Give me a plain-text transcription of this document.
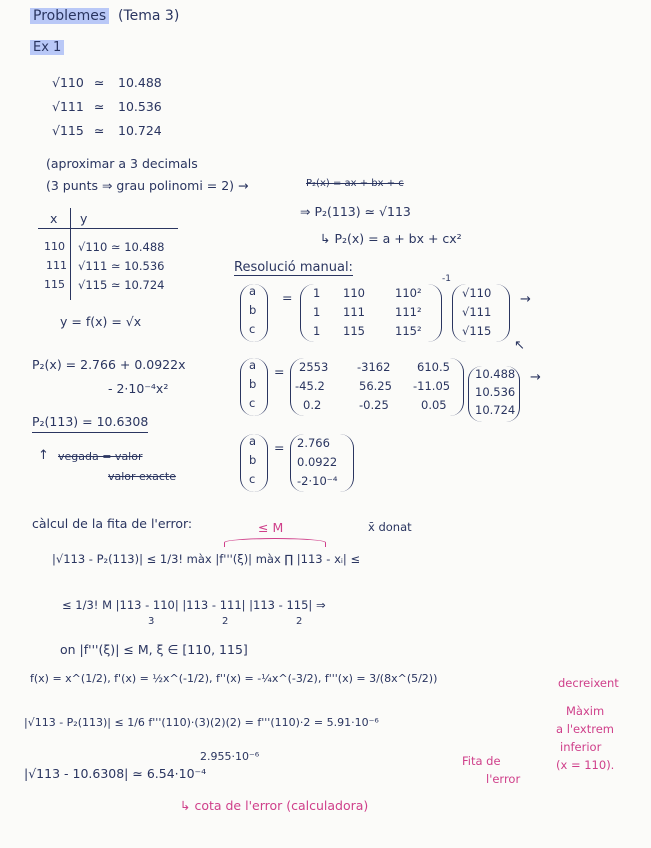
Problemes (Tema 3)
Ex 1
√110 ≃ 10.488
√111 ≃ 10.536
√115 ≃ 10.724
(aproximar a 3 decimals
(3 punts ⇒ grau polinomi = 2) →	P₂(x) = ax + bx + c
⇒ P₂(113) ≃ √113
↳ P₂(x) = a + bx + cx²
x y
110 √110 ≃ 10.488
111 √111 ≃ 10.536
115 √115 ≃ 10.724
y = f(x) = √x
Resolució manual:
a
b
c
= 1 110	110²
1 111	111²
1 115	115²
-1
√110
√111
√115
→
↖
a
b
c
= 2553 -3162 610.5
-45.2	56.25 -11.05
0.2	-0.25	0.05
10.488
10.536
10.724
→
a
b
c
= 2.766
0.0922
-2·10⁻⁴
P₂(x) = 2.766 + 0.0922x
- 2·10⁻⁴x²
P₂(113) = 10.6308
↑ vegada = valor
valor exacte
càlcul de la fita de l'error:	≤ M	x̄ donat
|√113 - P₂(113)| ≤ 1/3! màx |f'''(ξ)| màx ∏ |113 - xᵢ| ≤
≤ 1/3! M |113 - 110| |113 - 111| |113 - 115| ⇒
3	2	2
on |f'''(ξ)| ≤ M, ξ ∈ [110, 115]
f(x) = x^(1/2), f'(x) = ½x^(-1/2), f''(x) = -¼x^(-3/2), f'''(x) = 3/(8x^(5/2))	decreixent
|√113 - P₂(113)| ≤ 1/6 f'''(110)·(3)(2)(2) = f'''(110)·2 = 5.91·10⁻⁶
Màxim
a l'extrem
inferior
(x = 110).
2.955·10⁻⁶	Fita de
l'error
|√113 - 10.6308| ≃ 6.54·10⁻⁴
↳ cota de l'error (calculadora)
